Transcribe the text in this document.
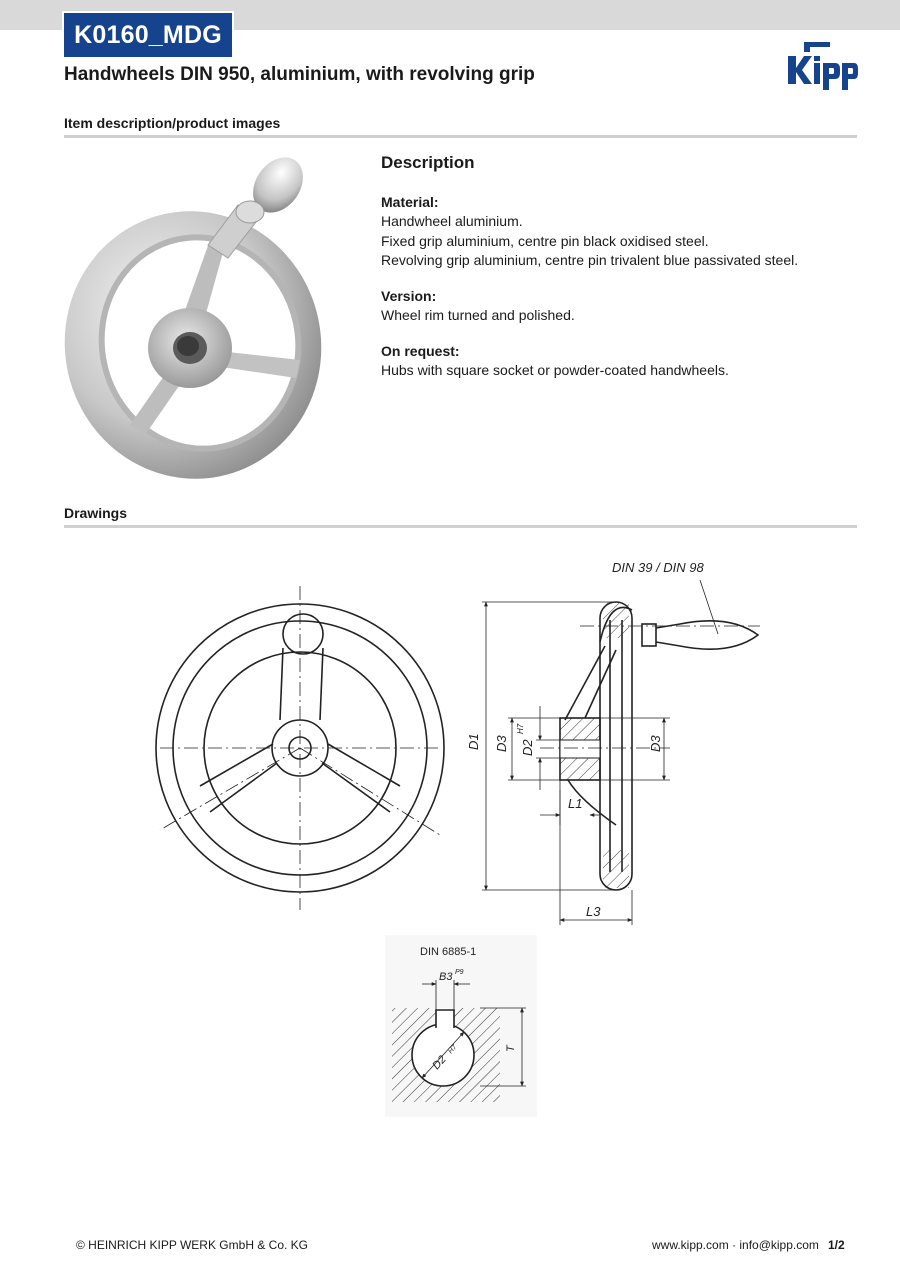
K0160_MDG
Handwheels DIN 950, aluminium, with revolving grip
Item description/product images
Description

Material:

Handwheel aluminium.

Fixed grip aluminium, centre pin black oxidised steel.

Revolving grip aluminium, centre pin trivalent blue passivated steel.

Version:

Wheel rim turned and polished.

On request:

Hubs with square socket or powder-coated handwheels.

Drawings
DIN 39 / DIN 98
D1 D3 D2
H7
D3
L1
L3
DIN 6885-1
B3 P9
T
D2
H7
© HEINRICH KIPP WERK GmbH & Co. KG	www.kipp.com · info@kipp.com 1/2
